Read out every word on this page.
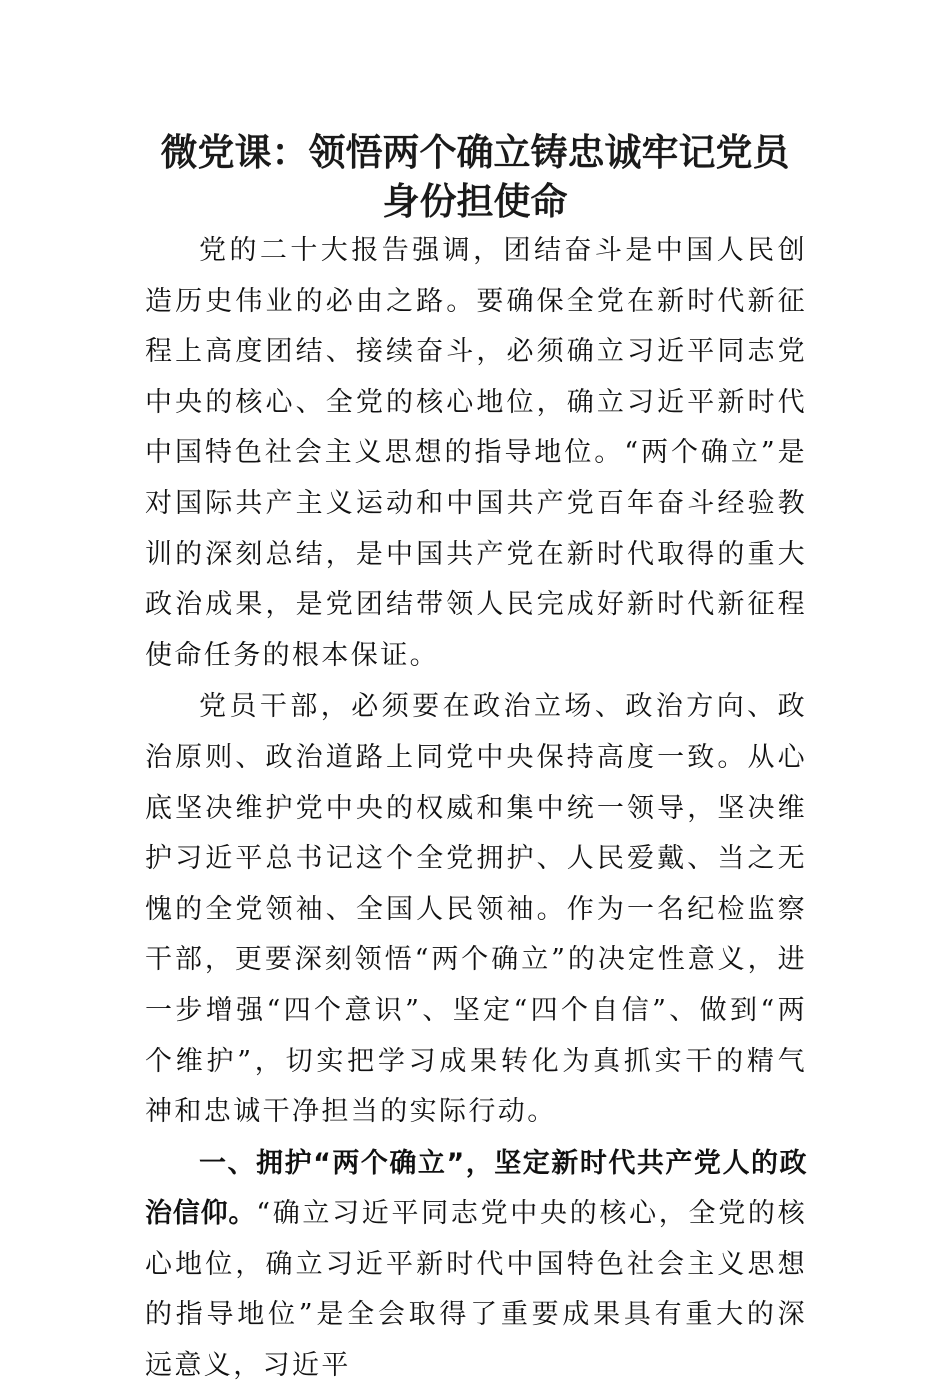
微党课：领悟两个确立铸忠诚牢记党员
身份担使命

党的二十大报告强调，团结奋斗是中国人民创造历史伟业的必由之路。要确保全党在新时代新征程上高度团结、接续奋斗，必须确立习近平同志党中央的核心、全党的核心地位，确立习近平新时代中国特色社会主义思想的指导地位。“两个确立”是对国际共产主义运动和中国共产党百年奋斗经验教训的深刻总结，是中国共产党在新时代取得的重大政治成果，是党团结带领人民完成好新时代新征程使命任务的根本保证。

党员干部，必须要在政治立场、政治方向、政治原则、政治道路上同党中央保持高度一致。从心底坚决维护党中央的权威和集中统一领导，坚决维护习近平总书记这个全党拥护、人民爱戴、当之无愧的全党领袖、全国人民领袖。作为一名纪检监察干部，更要深刻领悟“两个确立”的决定性意义，进一步增强“四个意识”、坚定“四个自信”、做到“两个维护”，切实把学习成果转化为真抓实干的精气神和忠诚干净担当的实际行动。

一、拥护“两个确立”，坚定新时代共产党人的政治信仰。“确立习近平同志党中央的核心，全党的核心地位，确立习近平新时代中国特色社会主义思想的指导地位”是全会取得了重要成果具有重大的深远意义，习近平
